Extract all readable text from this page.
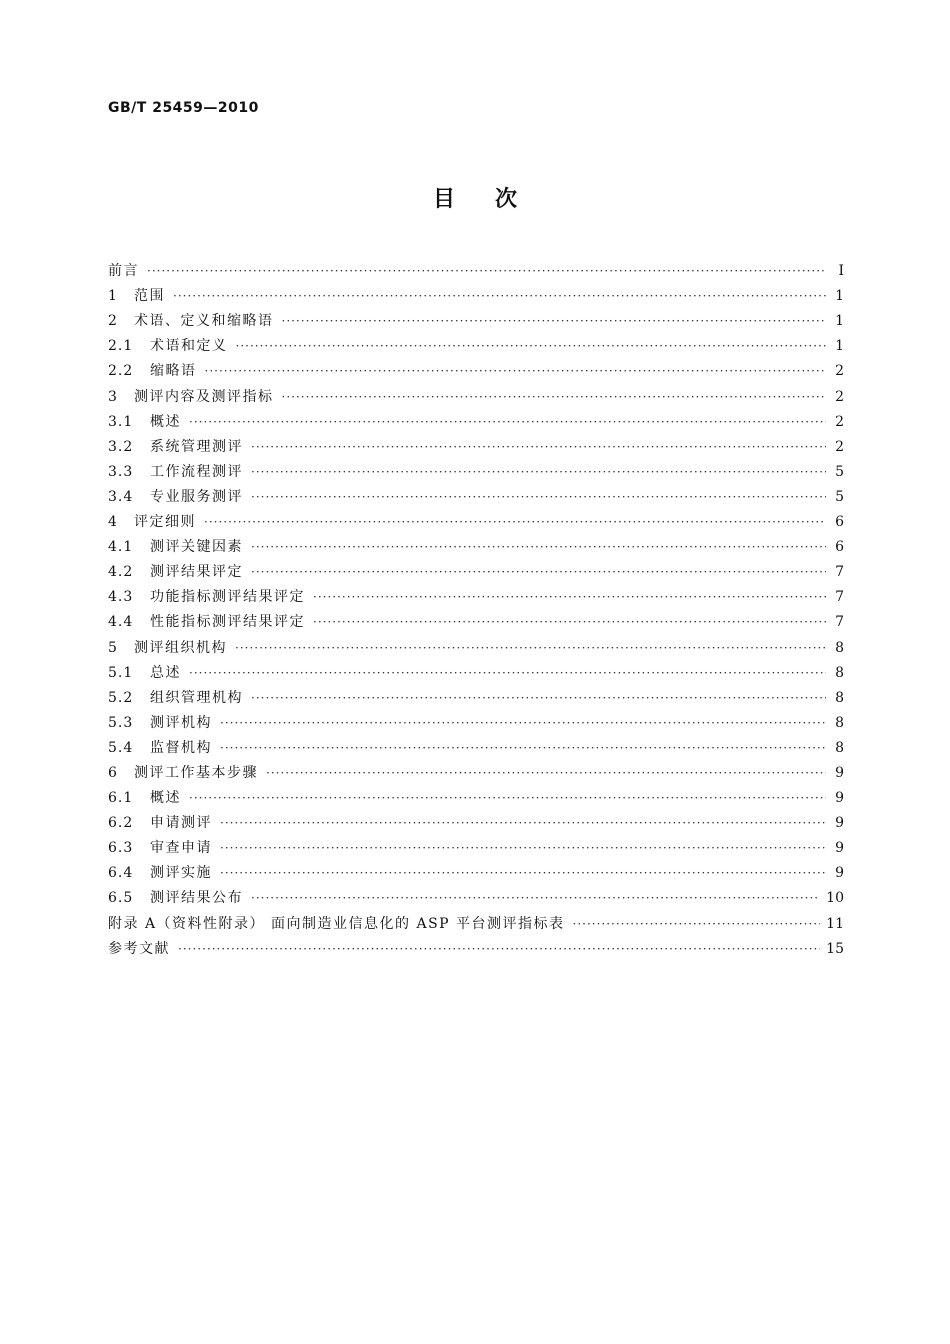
GB/T 25459—2010
目次
前言 ·····	Ⅰ
1	范围 ·····	1
2	术语、定义和缩略语 ·····	1
2.1	术语和定义 ·····	1
2.2	缩略语 ·····	2
3	测评内容及测评指标 ·····	2
3.1	概述 ·····	2
3.2	系统管理测评 ·····	2
3.3	工作流程测评 ·····	5
3.4	专业服务测评 ·····	5
4	评定细则 ·····	6
4.1	测评关键因素 ·····	6
4.2	测评结果评定 ·····	7
4.3	功能指标测评结果评定 ·····	7
4.4	性能指标测评结果评定 ·····	7
5	测评组织机构 ·····	8
5.1	总述 ·····	8
5.2	组织管理机构 ·····	8
5.3	测评机构 ·····	8
5.4	监督机构 ·····	8
6	测评工作基本步骤 ·····	9
6.1	概述 ·····	9
6.2	申请测评 ·····	9
6.3	审查申请 ·····	9
6.4	测评实施 ·····	9
6.5	测评结果公布 ·····	10
附录 A（资料性附录） 面向制造业信息化的 ASP 平台测评指标表 ·····	11
参考文献 ·····	15
